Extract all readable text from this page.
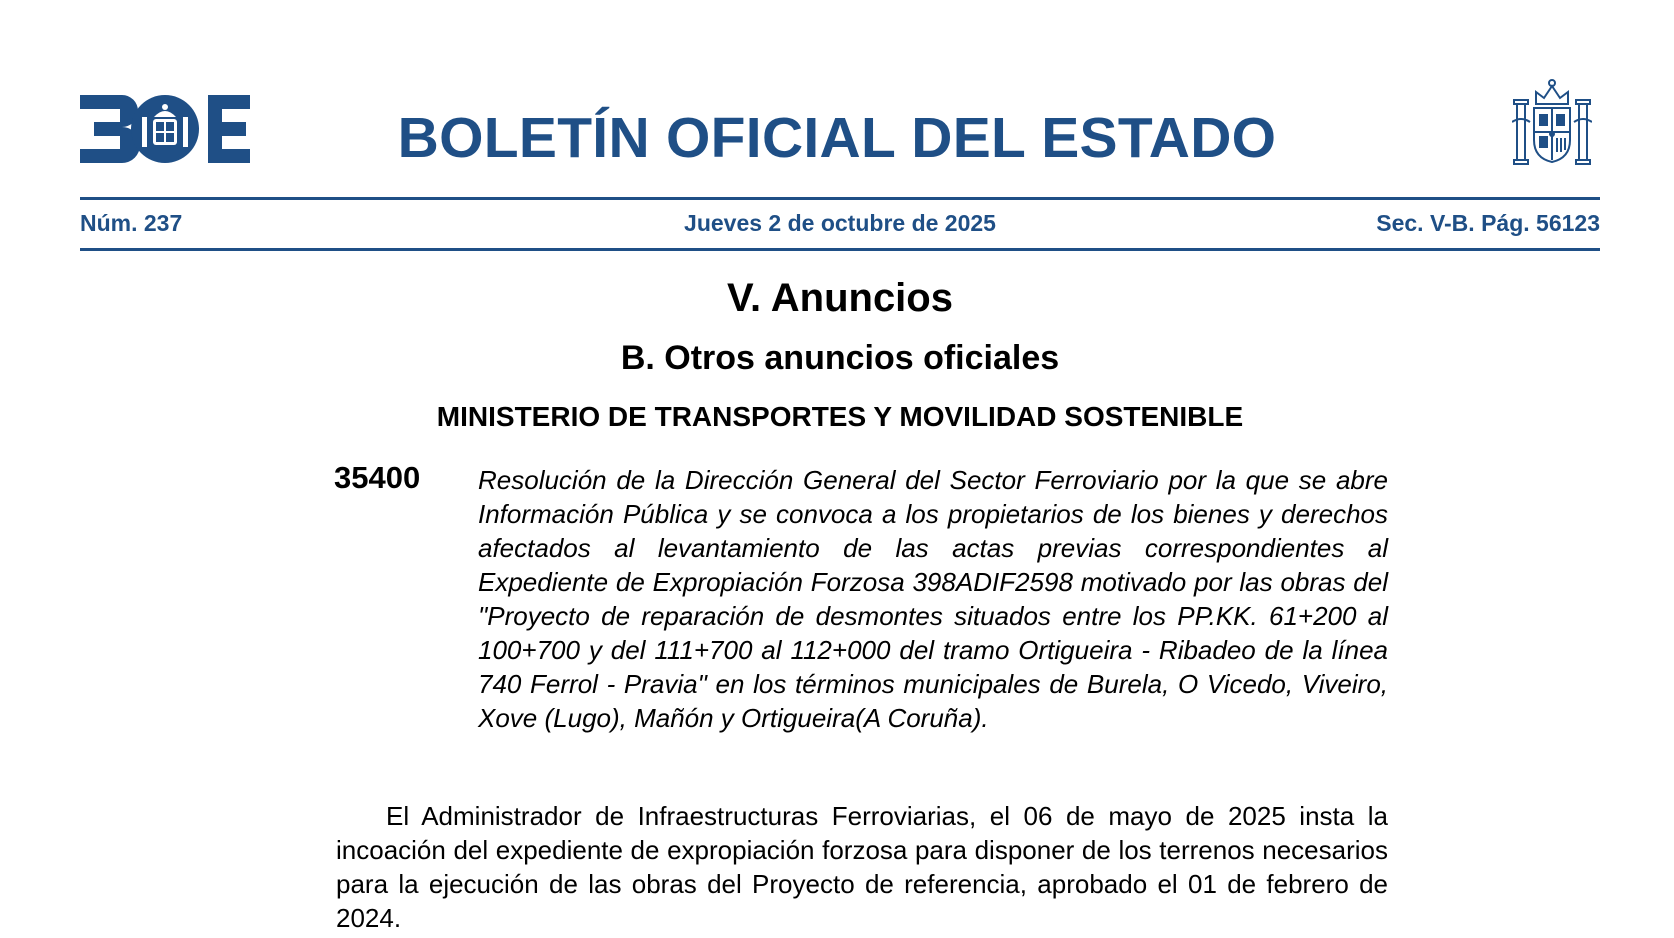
BOLETÍN OFICIAL DEL ESTADO
Núm. 237	Jueves 2 de octubre de 2025	Sec. V-B. Pág. 56123
V. Anuncios
B. Otros anuncios oficiales
MINISTERIO DE TRANSPORTES Y MOVILIDAD SOSTENIBLE
35400 Resolución de la Dirección General del Sector Ferroviario por la que se abre Información Pública y se convoca a los propietarios de los bienes y derechos afectados al levantamiento de las actas previas correspondientes al Expediente de Expropiación Forzosa 398ADIF2598 motivado por las obras del "Proyecto de reparación de desmontes situados entre los PP.KK. 61+200 al 100+700 y del 111+700 al 112+000 del tramo Ortigueira - Ribadeo de la línea 740 Ferrol - Pravia" en los términos municipales de Burela, O Vicedo, Viveiro, Xove (Lugo), Mañón y Ortigueira(A Coruña).
El Administrador de Infraestructuras Ferroviarias, el 06 de mayo de 2025 insta la incoación del expediente de expropiación forzosa para disponer de los terrenos necesarios para la ejecución de las obras del Proyecto de referencia, aprobado el 01 de febrero de 2024.
